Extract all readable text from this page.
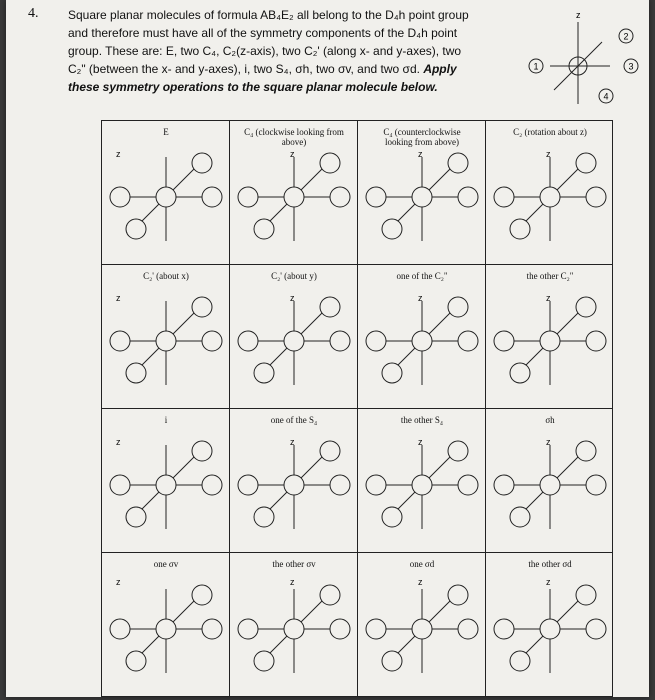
4. Square planar molecules of formula AB₄E₂ all belong to the D₄h point group

and therefore must have all of the symmetry components of the D₄h point

group. These are: E, two C₄, C₂(z-axis), two C₂' (along x- and y-axes), two

C₂" (between the x- and y-axes), i, two S₄, σh, two σv, and two σd. Apply

these symmetry operations to the square planar molecule below.

z
1
2
3
4
E
z
C₄ (clockwise looking from
above)
z
C₄ (counterclockwise
looking from above)
z
C₂ (rotation about z)
z
C₂' (about x)
z
C₂' (about y)
z
one of the C₂"
z
the other C₂"
z
i
z
one of the S₄
z
the other S₄
z
σh
z
one σv
z
the other σv
z
one σd
z
the other σd
z
